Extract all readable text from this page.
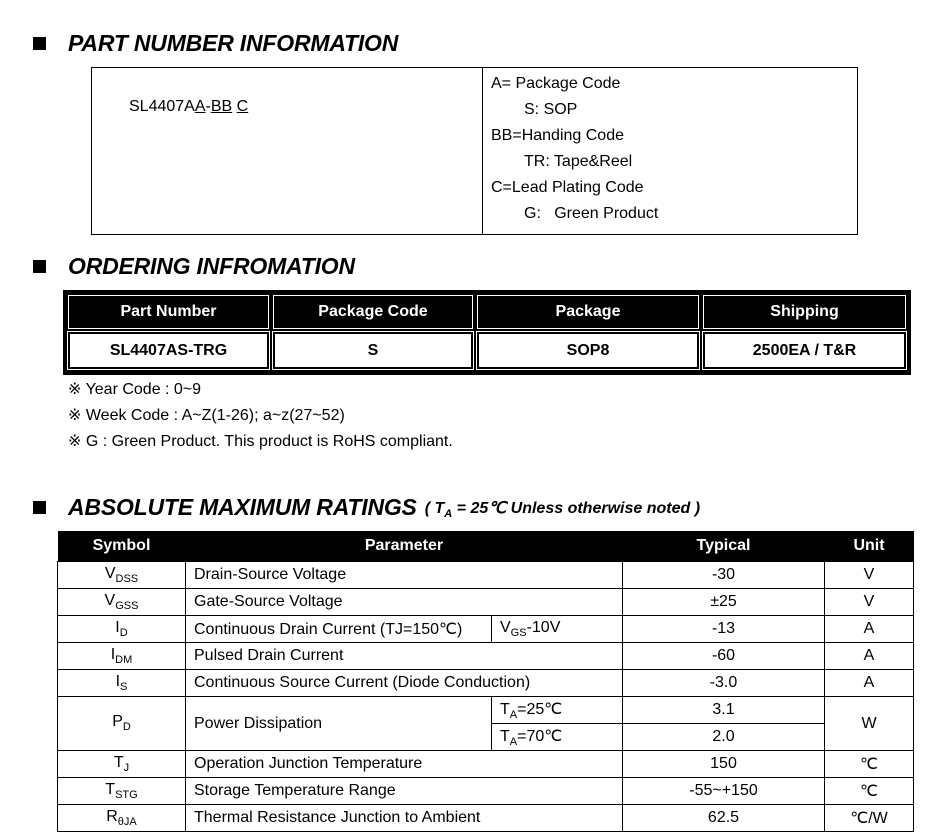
PART NUMBER INFORMATION
SL4407AA-BB C
A= Package Code
S: SOP
BB=Handing Code
TR: Tape&Reel
C=Lead Plating Code
G:   Green Product
ORDERING INFROMATION
Part Number	Package Code	Package	Shipping
SL4407AS-TRG	S	SOP8	2500EA / T&R
※ Year Code : 0~9
※ Week Code : A~Z(1-26); a~z(27~52)
※ G : Green Product. This product is RoHS compliant.
ABSOLUTE MAXIMUM RATINGS ( $T_A$ = 25℃ Unless otherwise noted )
Symbol	Parameter		Typical	Unit
$V_{DSS}$	Drain-Source Voltage		-30	V
$V_{GSS}$	Gate-Source Voltage		±25	V
$I_D$	Continuous Drain Current (TJ=150℃)	$V_{GS}-10V$	-13	A
$I_{DM}$	Pulsed Drain Current		-60	A
$I_S$	Continuous Source Current (Diode Conduction)		-3.0	A
$P_D$	Power Dissipation	$T_A=25℃$	3.1	W
		$T_A=70℃$	2.0	
$T_J$	Operation Junction Temperature		150	℃
$T_{STG}$	Storage Temperature Range		-55~+150	℃
$R_{\theta JA}$	Thermal Resistance Junction to Ambient		62.5	℃/W
